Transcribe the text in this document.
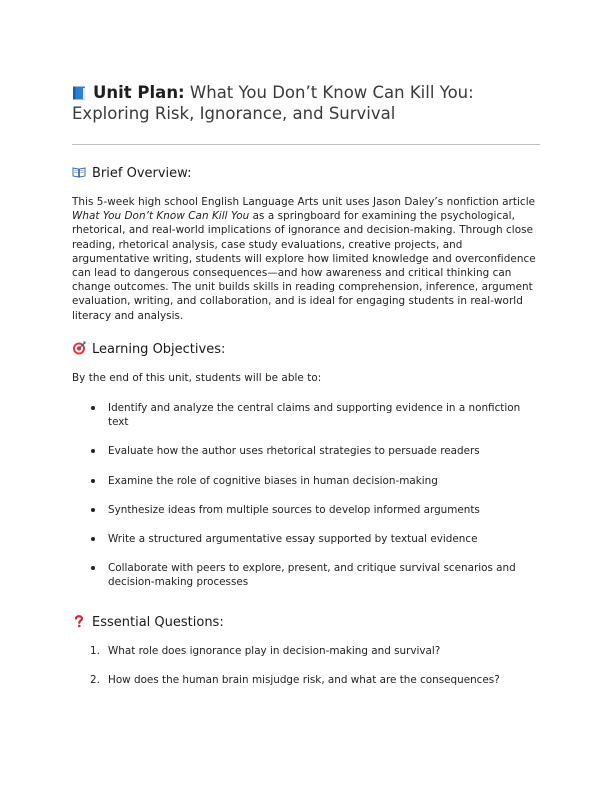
Unit Plan: What You Don’t Know Can Kill You: Exploring Risk, Ignorance, and Survival
Brief Overview:

This 5-week high school English Language Arts unit uses Jason Daley’s nonfiction article What You Don’t Know Can Kill You as a springboard for examining the psychological, rhetorical, and real-world implications of ignorance and decision-making. Through close reading, rhetorical analysis, case study evaluations, creative projects, and argumentative writing, students will explore how limited knowledge and overconfidence can lead to dangerous consequences—and how awareness and critical thinking can change outcomes. The unit builds skills in reading comprehension, inference, argument evaluation, writing, and collaboration, and is ideal for engaging students in real-world literacy and analysis.

Learning Objectives:

By the end of this unit, students will be able to:

Identify and analyze the central claims and supporting evidence in a nonfiction text
Evaluate how the author uses rhetorical strategies to persuade readers
Examine the role of cognitive biases in human decision-making
Synthesize ideas from multiple sources to develop informed arguments
Write a structured argumentative essay supported by textual evidence
Collaborate with peers to explore, present, and critique survival scenarios and decision-making processes
Essential Questions:
1. What role does ignorance play in decision-making and survival?
2. How does the human brain misjudge risk, and what are the consequences?
